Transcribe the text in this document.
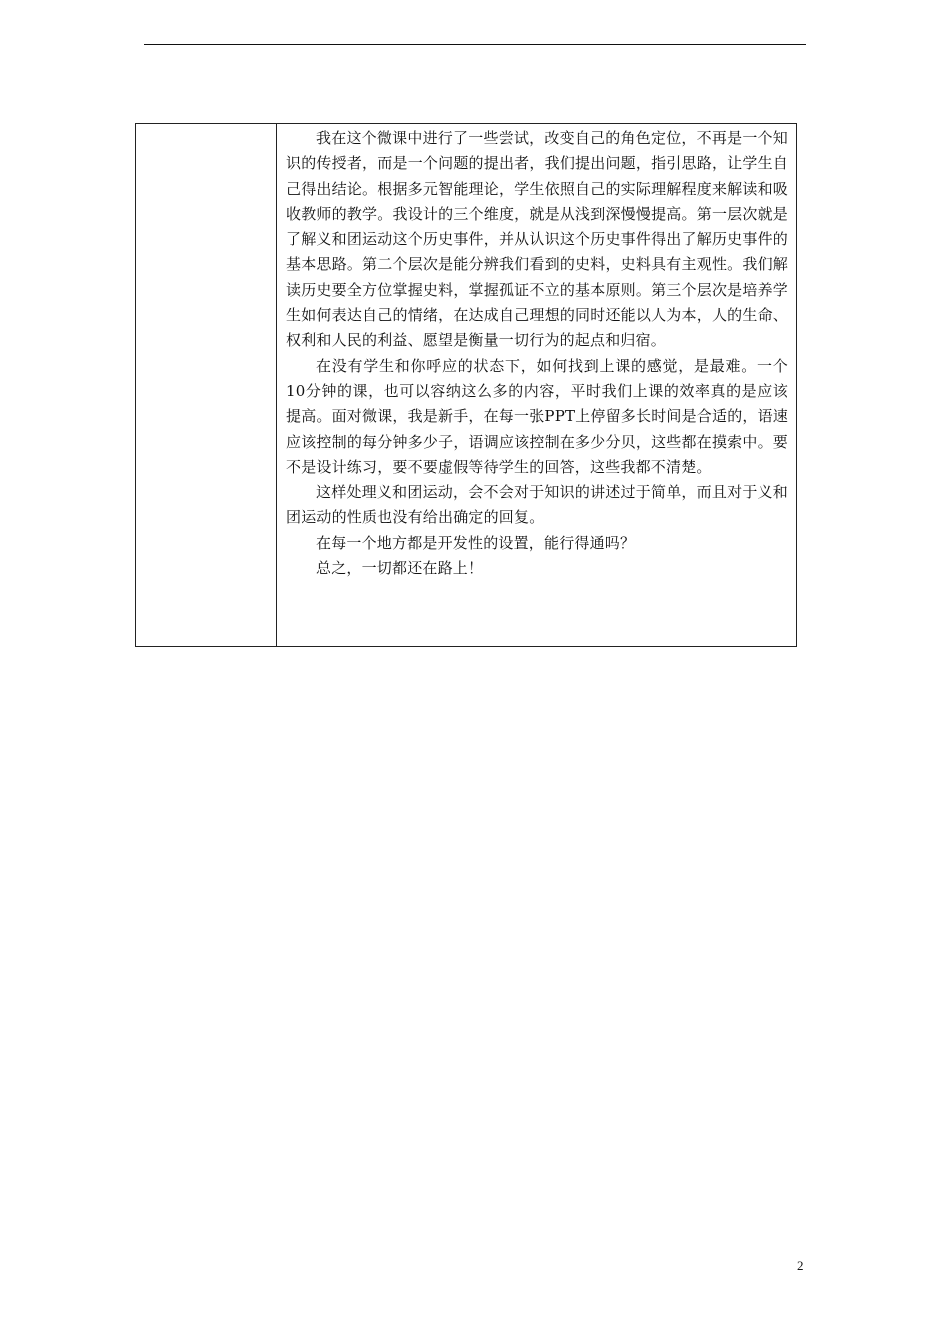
我在这个微课中进行了一些尝试，改变自己的角色定位，不再是一个知识的传授者，而是一个问题的提出者，我们提出问题，指引思路，让学生自己得出结论。根据多元智能理论，学生依照自己的实际理解程度来解读和吸收教师的教学。我设计的三个维度，就是从浅到深慢慢提高。第一层次就是了解义和团运动这个历史事件，并从认识这个历史事件得出了解历史事件的基本思路。第二个层次是能分辨我们看到的史料，史料具有主观性。我们解读历史要全方位掌握史料，掌握孤证不立的基本原则。第三个层次是培养学生如何表达自己的情绪，在达成自己理想的同时还能以人为本，人的生命、权利和人民的利益、愿望是衡量一切行为的起点和归宿。

在没有学生和你呼应的状态下，如何找到上课的感觉，是最难。一个10分钟的课，也可以容纳这么多的内容，平时我们上课的效率真的是应该提高。面对微课，我是新手，在每一张PPT上停留多长时间是合适的，语速应该控制的每分钟多少子，语调应该控制在多少分贝，这些都在摸索中。要不是设计练习，要不要虚假等待学生的回答，这些我都不清楚。

这样处理义和团运动，会不会对于知识的讲述过于简单，而且对于义和团运动的性质也没有给出确定的回复。

在每一个地方都是开发性的设置，能行得通吗？

总之，一切都还在路上！

2
